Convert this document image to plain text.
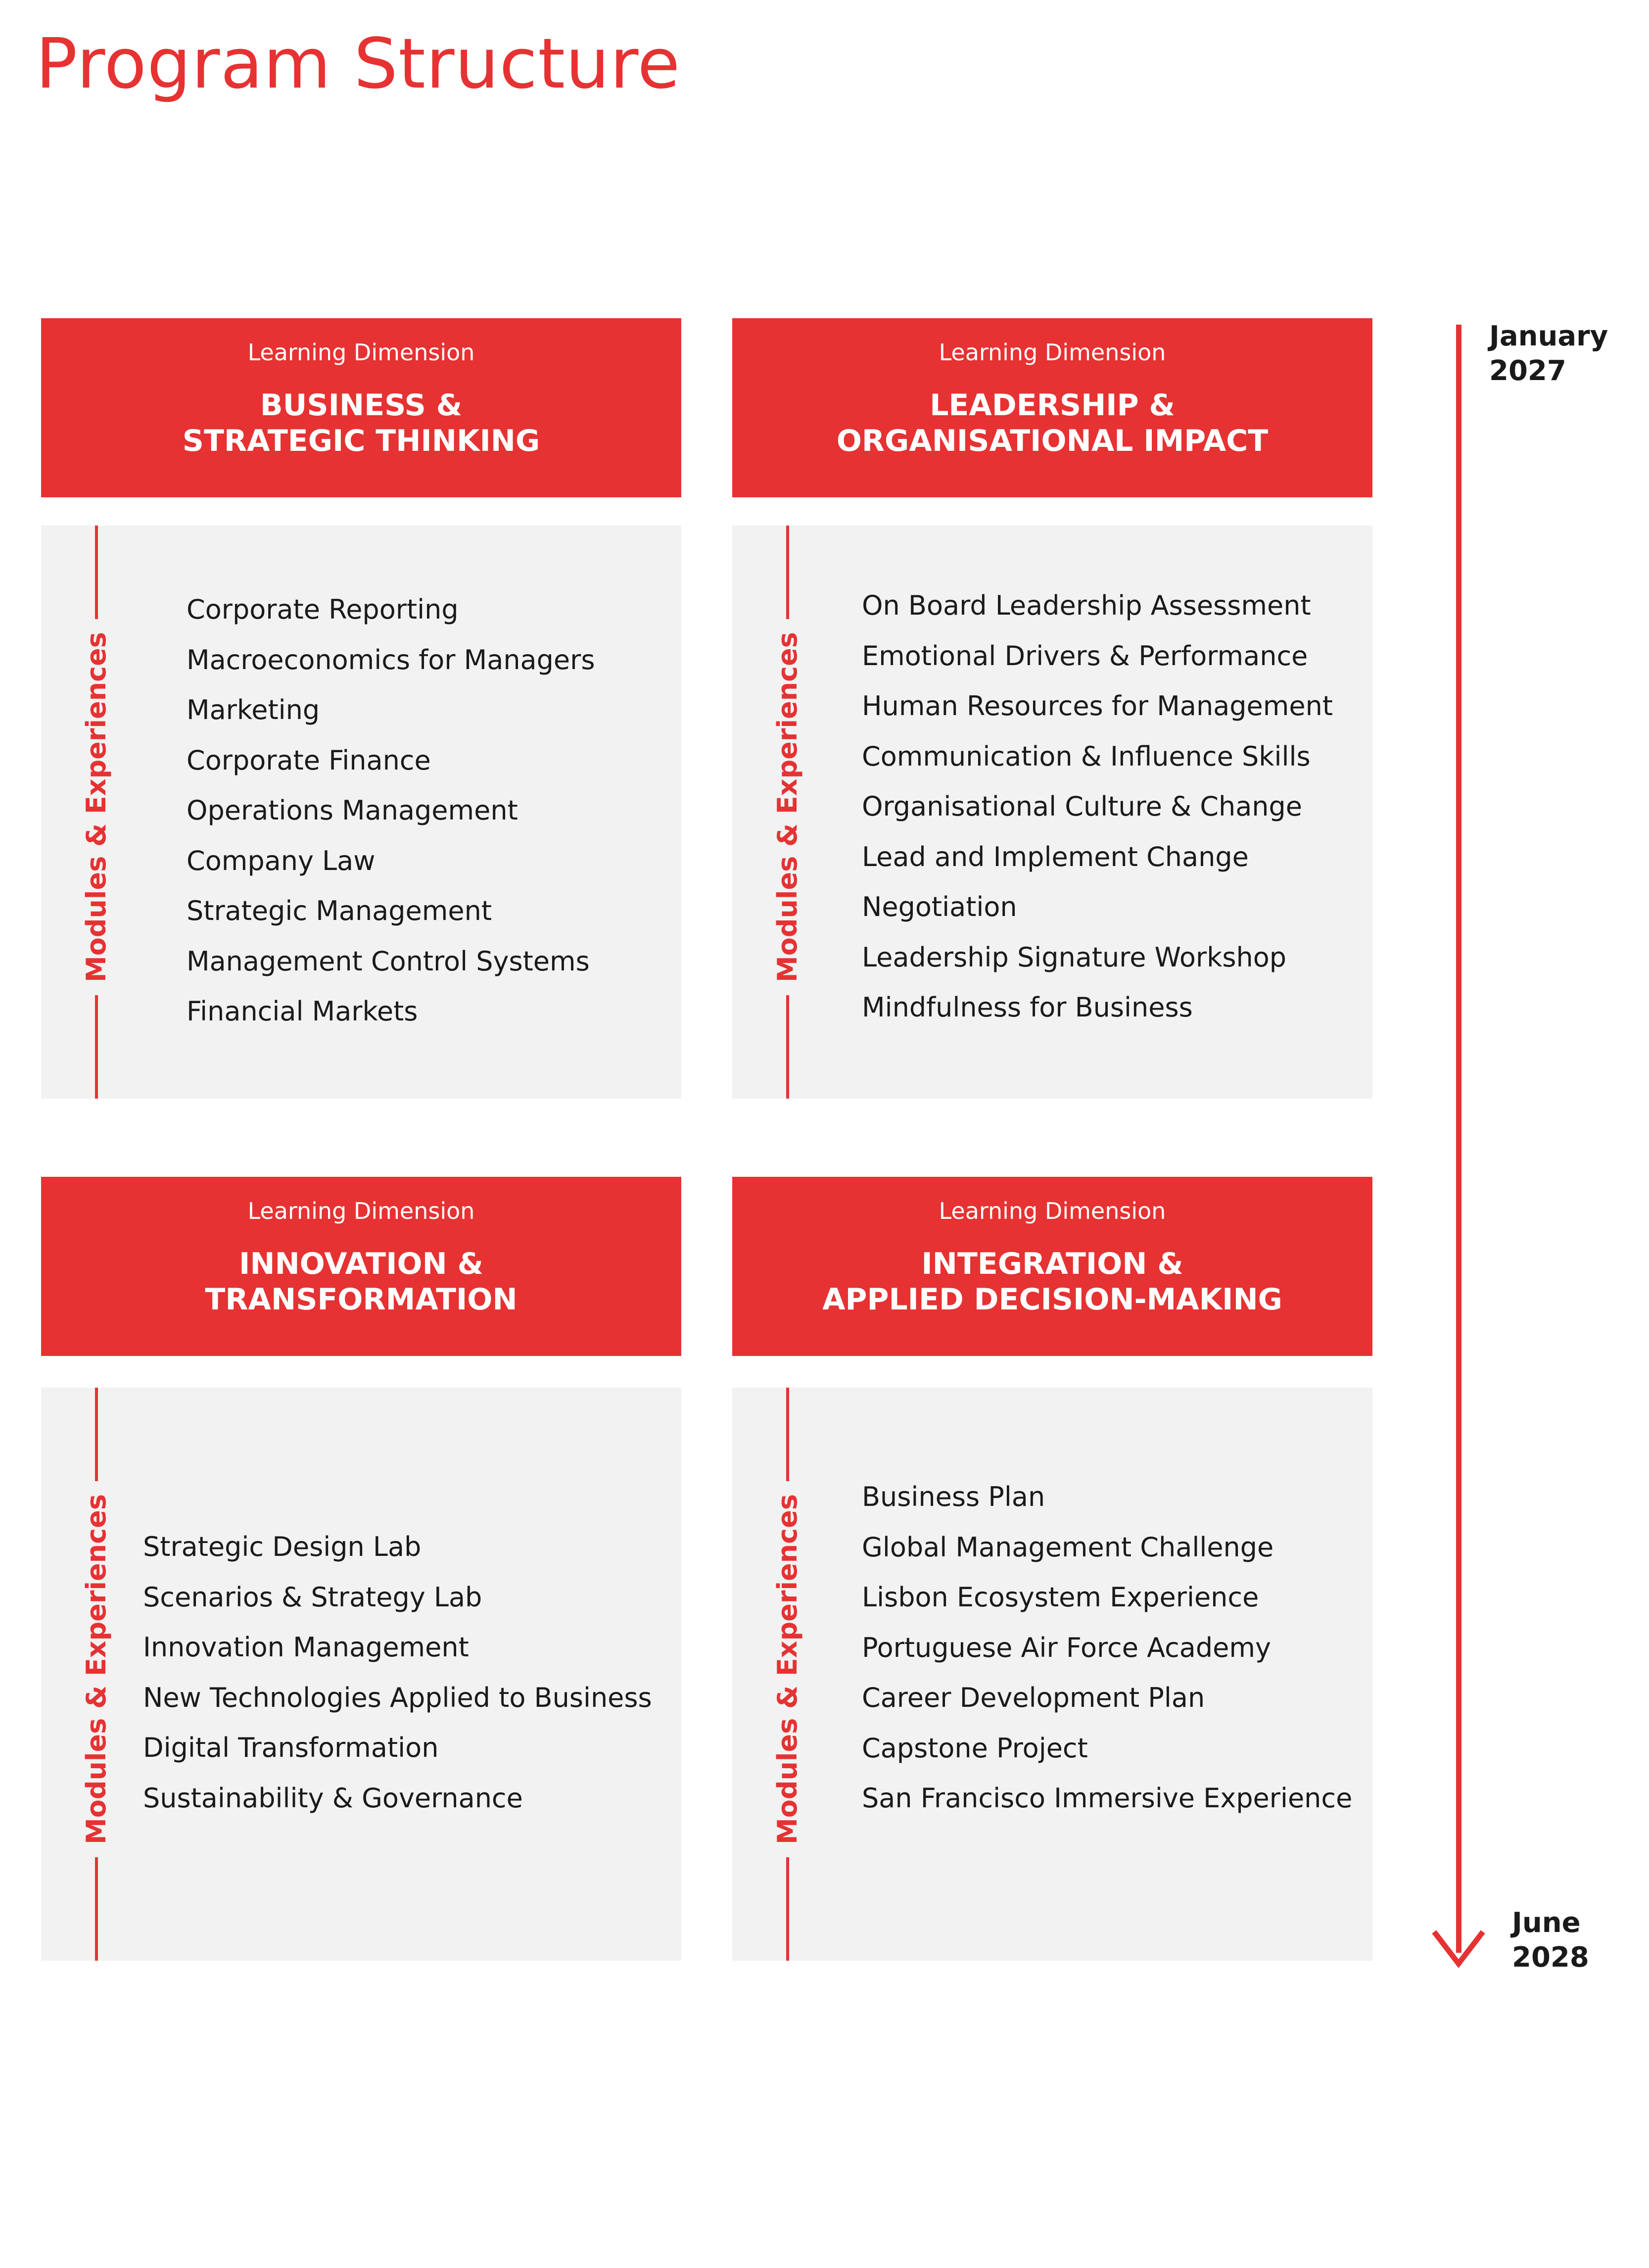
Program Structure
Learning Dimension
BUSINESS &
STRATEGIC THINKING
Modules & Experiences
Corporate Reporting
Macroeconomics for Managers
Marketing
Corporate Finance
Operations Management
Company Law
Strategic Management
Management Control Systems
Financial Markets
Learning Dimension
LEADERSHIP &
ORGANISATIONAL IMPACT
Modules & Experiences
On Board Leadership Assessment
Emotional Drivers & Performance
Human Resources for Management
Communication & Influence Skills
Organisational Culture & Change
Lead and Implement Change
Negotiation
Leadership Signature Workshop
Mindfulness for Business
Learning Dimension
INNOVATION &
TRANSFORMATION
Modules & Experiences Strategic Design Lab
Scenarios & Strategy Lab
Innovation Management
New Technologies Applied to Business
Digital Transformation
Sustainability & Governance
Learning Dimension
INTEGRATION &
APPLIED DECISION-MAKING
Modules & Experiences Business Plan
Global Management Challenge
Lisbon Ecosystem Experience
Portuguese Air Force Academy
Career Development Plan
Capstone Project
San Francisco Immersive Experience
January
2027
June
2028
